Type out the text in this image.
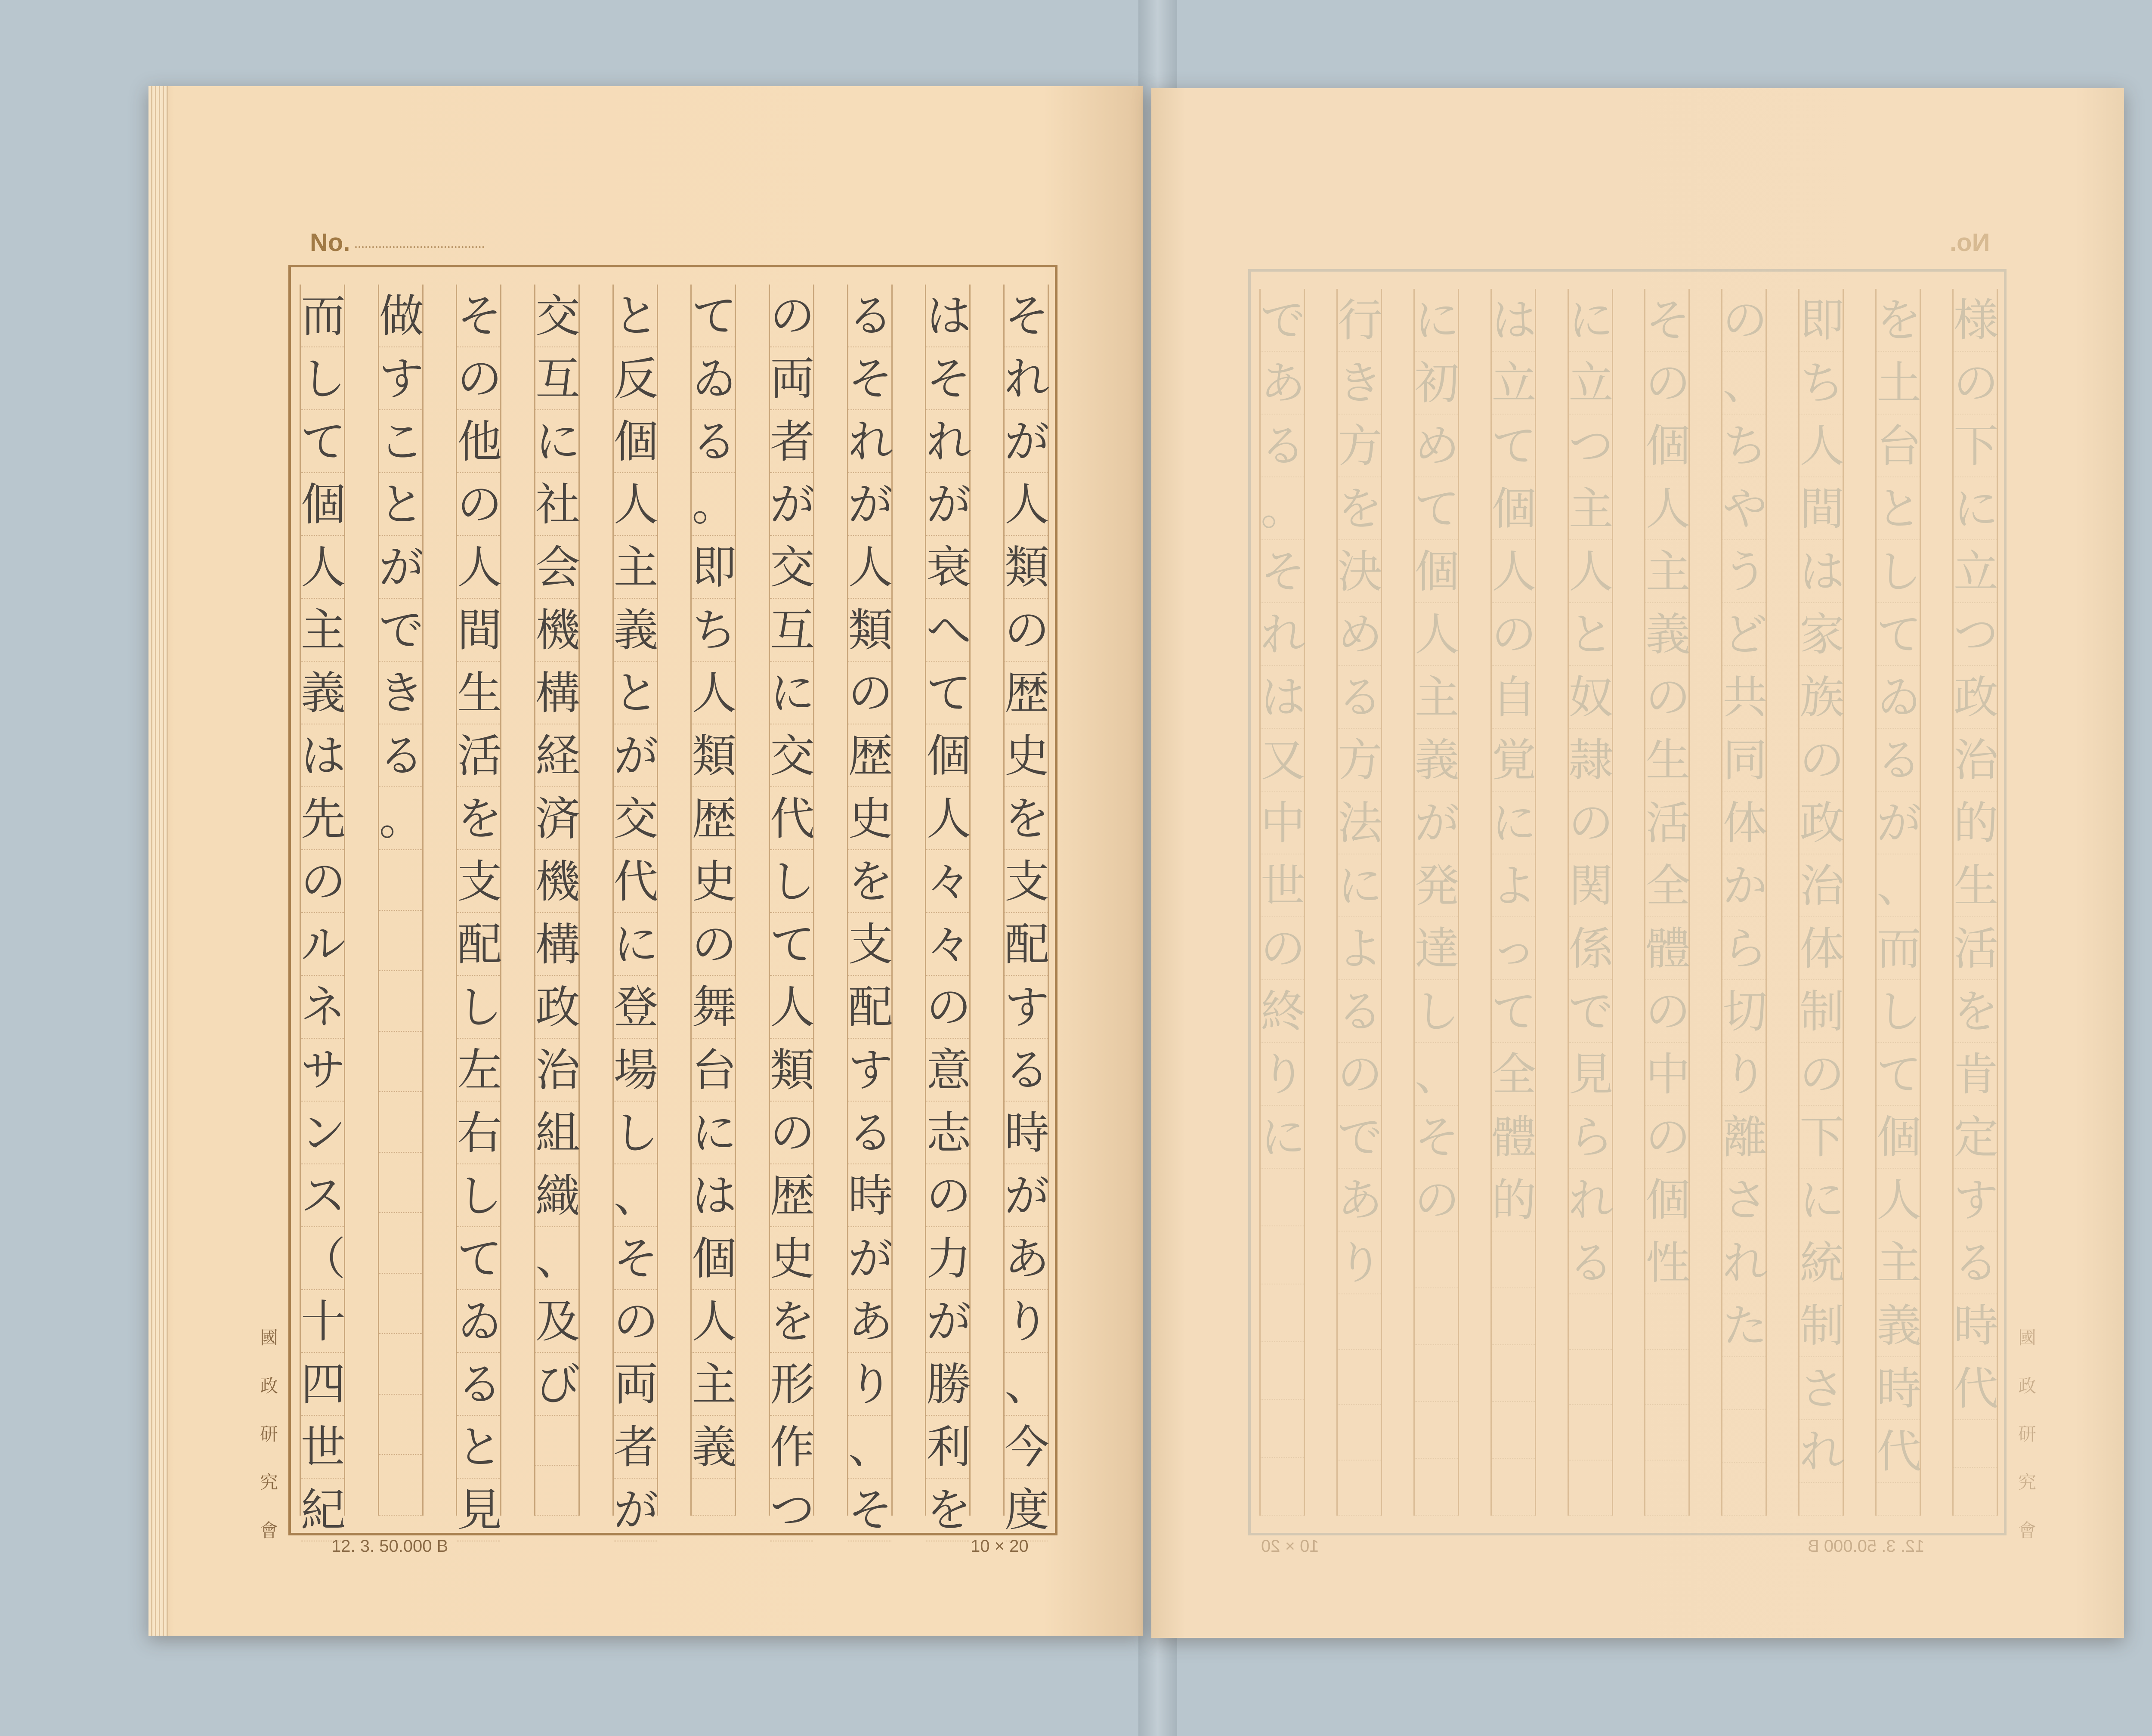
No.
そ
れ
が
人
類
の
歴
史
を
支
配
す
る
時
が
あ
り
、
今
度
は
そ
れ
が
衰
へ
て
個
人
々
々
の
意
志
の
力
が
勝
利
を
る
そ
れ
が
人
類
の
歴
史
を
支
配
す
る
時
が
あ
り
、
そ
の
両
者
が
交
互
に
交
代
し
て
人
類
の
歴
史
を
形
作
つ
て
ゐ
る
。
即
ち
人
類
歴
史
の
舞
台
に
は
個
人
主
義
と
反
個
人
主
義
と
が
交
代
に
登
場
し
、
そ
の
両
者
が
交
互
に
社
会
機
構
経
済
機
構
政
治
組
織
、
及
び
そ
の
他
の
人
間
生
活
を
支
配
し
左
右
し
て
ゐ
る
と
見
做
す
こ
と
が
で
き
る
。
而
し
て
個
人
主
義
は
先
の
ル
ネ
サ
ン
ス
（
十
四
世
紀
12. 3. 50.000 B	10 × 20
國
政
研
究
會
No.
様
の
下
に
立
つ
政
治
的
生
活
を
肯
定
す
る
時
代
を
土
台
と
し
て
ゐ
る
が
、
而
し
て
個
人
主
義
時
代
即
ち
人
間
は
家
族
の
政
治
体
制
の
下
に
統
制
さ
れ
の
、
ち
や
う
ど
共
同
体
か
ら
切
り
離
さ
れ
た
そ
の
個
人
主
義
の
生
活
全
體
の
中
の
個
性
に
立
つ
主
人
と
奴
隷
の
関
係
で
見
ら
れ
る
は
立
て
個
人
の
自
覚
に
よ
っ
て
全
體
的
に
初
め
て
個
人
主
義
が
発
達
し
、
そ
の
行
き
方
を
決
め
る
方
法
に
よ
る
の
で
あ
り
で
あ
る
。
そ
れ
は
又
中
世
の
終
り
に
10 × 20	12. 3. 50.000 B
國
政
研
究
會
